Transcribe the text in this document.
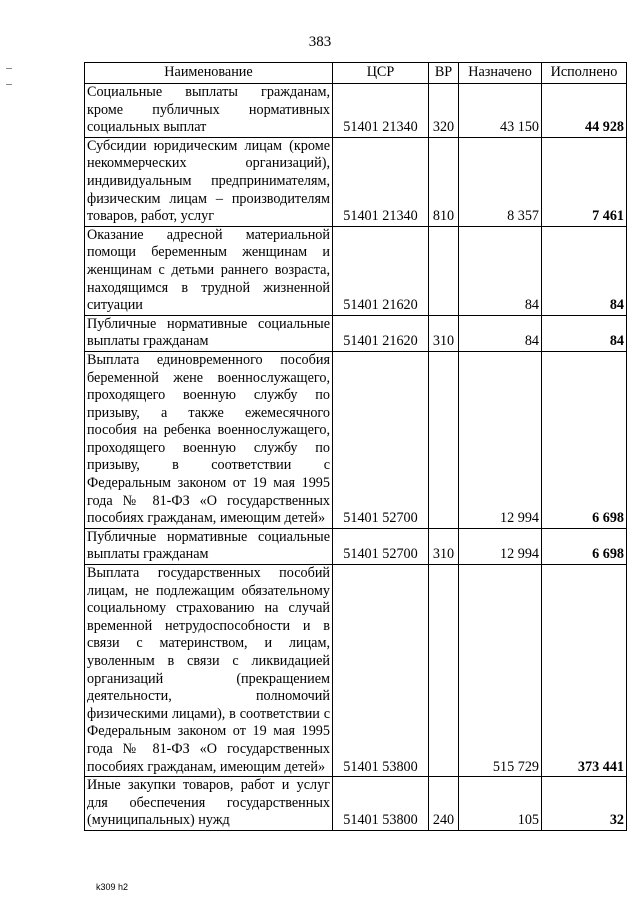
383
Наименование	ЦСР	ВР	Назначено	Исполнено
Социальные выплаты гражданам, кроме публичных нормативных социальных выплат	51401 21340	320	43 150	44 928
Субсидии юридическим лицам (кроме некоммерческих организаций), индивидуальным предпринимателям, физическим лицам – производителям товаров, работ, услуг	51401 21340	810	8 357	7 461
Оказание адресной материальной помощи беременным женщинам и женщинам с детьми раннего возраста, находящимся в трудной жизненной ситуации	51401 21620		84	84
Публичные нормативные социальные выплаты гражданам	51401 21620	310	84	84
Выплата единовременного пособия беременной жене военнослужащего, проходящего военную службу по призыву, а также ежемесячного пособия на ребенка военнослужащего, проходящего военную службу по призыву, в соответствии с Федеральным законом от 19 мая 1995 года № 81-ФЗ «О государственных пособиях гражданам, имеющим детей»	51401 52700		12 994	6 698
Публичные нормативные социальные выплаты гражданам	51401 52700	310	12 994	6 698
Выплата государственных пособий лицам, не подлежащим обязательному социальному страхованию на случай временной нетрудоспособности и в связи с материнством, и лицам, уволенным в связи с ликвидацией организаций (прекращением деятельности, полномочий физическими лицами), в соответствии с Федеральным законом от 19 мая 1995 года № 81-ФЗ «О государственных пособиях гражданам, имеющим детей»	51401 53800		515 729	373 441
Иные закупки товаров, работ и услуг для обеспечения государственных (муниципальных) нужд	51401 53800	240	105	32
k309 h2
